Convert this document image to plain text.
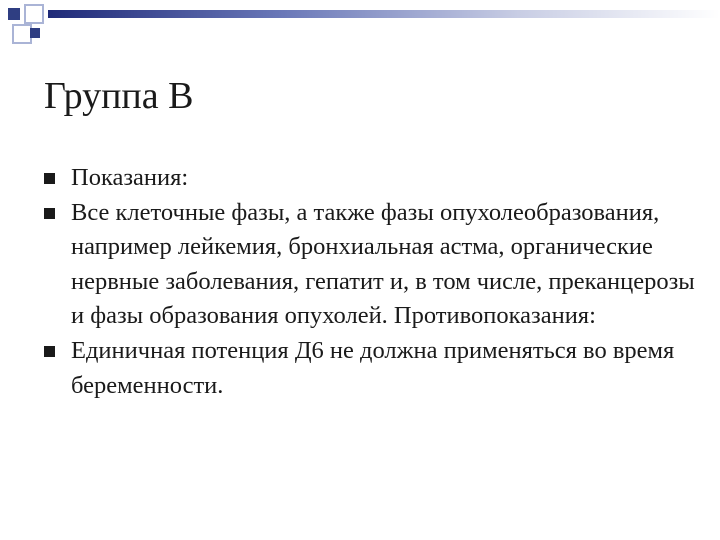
Группа В
Показания:
Все клеточные фазы, а также фазы опухолеобразования, например лейкемия, бронхиальная астма, органические нервные заболевания, гепатит и, в том числе, преканцерозы и фазы образования опухолей. Противопоказания:
Единичная потенция Д6 не должна применяться во время беременности.
